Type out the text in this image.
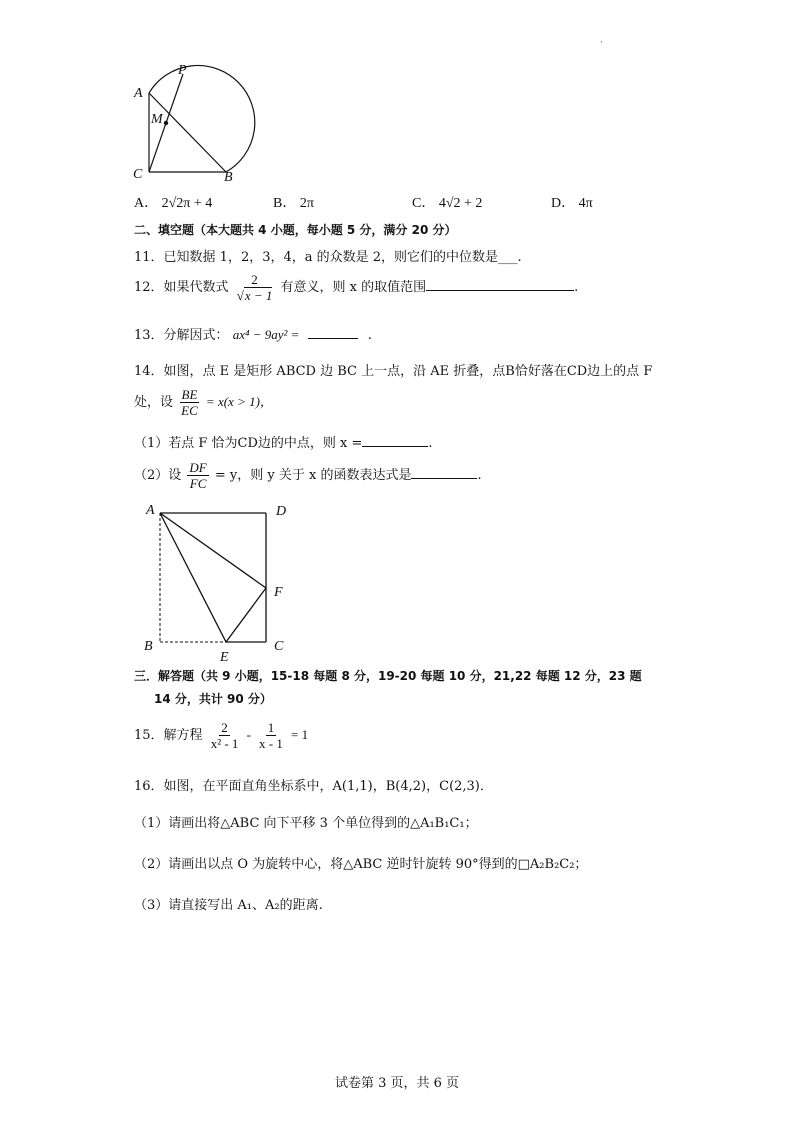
·
A
P
M
C	B
A． 2√2π + 4	B． 2π	C． 4√2 + 2	D． 4π
二、填空题（本大题共 4 小题，每小题 5 分，满分 20 分）
11．已知数据 1，2，3，4，a 的众数是 2，则它们的中位数是___.
12．如果代数式 $\frac{2}{√x - 1}$ 有意义，则 x 的取值范围	.
13．分解因式： ax⁴ − 9ay² =	.
14．如图，点 E 是矩形 ABCD 边 BC 上一点，沿 AE 折叠，点B恰好落在CD边上的点 F
处，设 $\frac{BE}{EC} = x(x > 1)$，
（1）若点 F 恰为CD边的中点，则 x =	.
（2）设 $\frac{DF}{FC} = y$，则 y 关于 x 的函数表达式是	.
A	D
F
B
E
C
三．解答题（共 9 小题，15-18 每题 8 分，19-20 每题 10 分，21,22 每题 12 分，23 题
14 分，共计 90 分）
15．解方程 $\frac{2}{\text{x² - 1}} - \frac{1}{x - 1} = 1$
16．如图，在平面直角坐标系中，A(1,1)，B(4,2)，C(2,3)．
（1）请画出将△ABC 向下平移 3 个单位得到的△A₁B₁C₁；
（2）请画出以点 O 为旋转中心，将△ABC 逆时针旋转 90°得到的□A₂B₂C₂；
（3）请直接写出 A₁、A₂的距离.
试卷第 3 页，共 6 页
